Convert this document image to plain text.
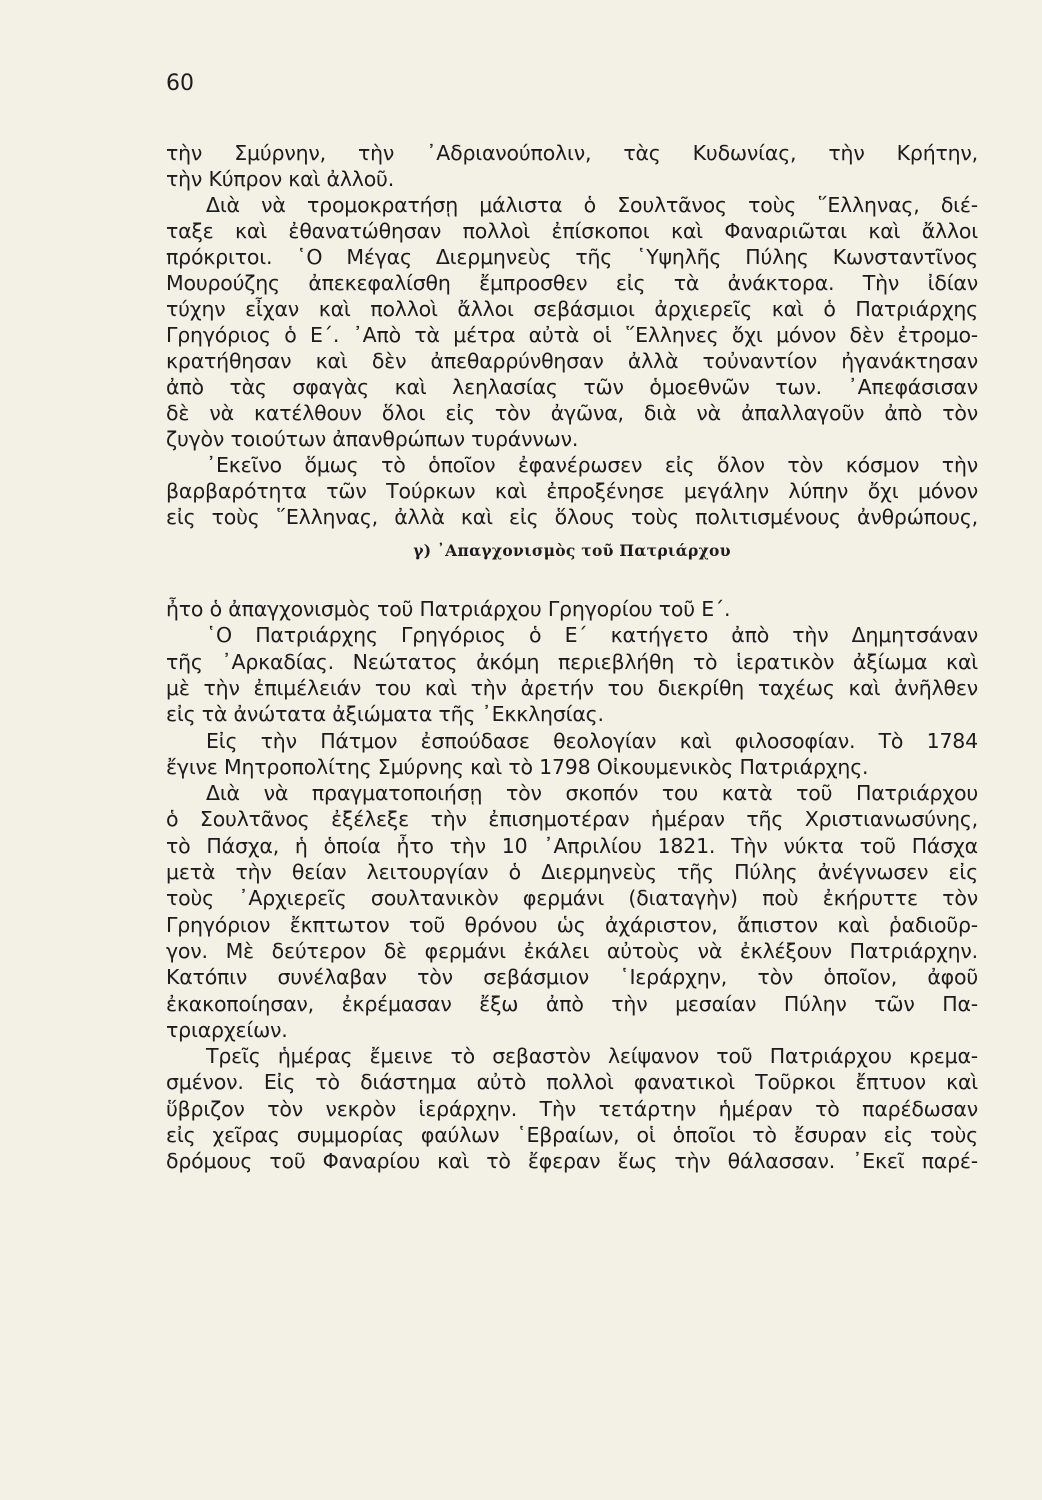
60
τὴν Σμύρνην, τὴν ᾿Αδριανούπολιν, τὰς Κυδωνίας, τὴν Κρήτην,
τὴν Κύπρον καὶ ἀλλοῦ.
Διὰ νὰ τρομοκρατήσῃ μάλιστα ὁ Σουλτᾶνος τοὺς ῞Ελληνας, διέ-
ταξε καὶ ἐθανατώθησαν πολλοὶ ἐπίσκοποι καὶ Φαναριῶται καὶ ἄλλοι
πρόκριτοι. ῾Ο Μέγας Διερμηνεὺς τῆς ῾Υψηλῆς Πύλης Κωνσταντῖνος
Μουρούζης ἀπεκεφαλίσθη ἔμπροσθεν εἰς τὰ ἀνάκτορα. Τὴν ἰδίαν
τύχην εἶχαν καὶ πολλοὶ ἄλλοι σεβάσμιοι ἀρχιερεῖς καὶ ὁ Πατριάρχης
Γρηγόριος ὁ Ε΄. ᾿Απὸ τὰ μέτρα αὐτὰ οἱ ῞Ελληνες ὄχι μόνον δὲν ἐτρομο-
κρατήθησαν καὶ δὲν ἀπεθαρρύνθησαν ἀλλὰ τοὐναντίον ἠγανάκτησαν
ἀπὸ τὰς σφαγὰς καὶ λεηλασίας τῶν ὁμοεθνῶν των. ᾿Απεφάσισαν
δὲ νὰ κατέλθουν ὅλοι εἰς τὸν ἀγῶνα, διὰ νὰ ἀπαλλαγοῦν ἀπὸ τὸν
ζυγὸν τοιούτων ἀπανθρώπων τυράννων.
γ) ᾿Απαγχονισμὸς τοῦ Πατριάρχου
᾿Εκεῖνο ὅμως τὸ ὁποῖον ἐφανέρωσεν εἰς ὅλον τὸν κόσμον τὴν
βαρβαρότητα τῶν Τούρκων καὶ ἐπροξένησε μεγάλην λύπην ὄχι μόνον
εἰς τοὺς ῞Ελληνας, ἀλλὰ καὶ εἰς ὅλους τοὺς πολιτισμένους ἀνθρώπους,
ἦτο ὁ ἀπαγχονισμὸς τοῦ Πατριάρχου Γρηγορίου τοῦ Ε΄.
῾Ο Πατριάρχης Γρηγόριος ὁ Ε΄ κατήγετο ἀπὸ τὴν Δημητσάναν
τῆς ᾿Αρκαδίας. Νεώτατος ἀκόμη περιεβλήθη τὸ ἱερατικὸν ἀξίωμα καὶ
μὲ τὴν ἐπιμέλειάν του καὶ τὴν ἀρετήν του διεκρίθη ταχέως καὶ ἀνῆλθεν
εἰς τὰ ἀνώτατα ἀξιώματα τῆς ᾿Εκκλησίας.
Εἰς τὴν Πάτμον ἐσπούδασε θεολογίαν καὶ φιλοσοφίαν. Τὸ 1784
ἔγινε Μητροπολίτης Σμύρνης καὶ τὸ 1798 Οἰκουμενικὸς Πατριάρχης.
Διὰ νὰ πραγματοποιήσῃ τὸν σκοπόν του κατὰ τοῦ Πατριάρχου
ὁ Σουλτᾶνος ἐξέλεξε τὴν ἐπισημοτέραν ἡμέραν τῆς Χριστιανωσύνης,
τὸ Πάσχα, ἡ ὁποία ἦτο τὴν 10 ᾿Απριλίου 1821. Τὴν νύκτα τοῦ Πάσχα
μετὰ τὴν θείαν λειτουργίαν ὁ Διερμηνεὺς τῆς Πύλης ἀνέγνωσεν εἰς
τοὺς ᾿Αρχιερεῖς σουλτανικὸν φερμάνι (διαταγὴν) ποὺ ἐκήρυττε τὸν
Γρηγόριον ἔκπτωτον τοῦ θρόνου ὡς ἀχάριστον, ἄπιστον καὶ ῥαδιοῦρ-
γον. Μὲ δεύτερον δὲ φερμάνι ἐκάλει αὐτοὺς νὰ ἐκλέξουν Πατριάρχην.
Κατόπιν συνέλαβαν τὸν σεβάσμιον ῾Ιεράρχην, τὸν ὁποῖον, ἀφοῦ
ἐκακοποίησαν, ἐκρέμασαν ἔξω ἀπὸ τὴν μεσαίαν Πύλην τῶν Πα-
τριαρχείων.
Τρεῖς ἡμέρας ἔμεινε τὸ σεβαστὸν λείψανον τοῦ Πατριάρχου κρεμα-
σμένον. Εἰς τὸ διάστημα αὐτὸ πολλοὶ φανατικοὶ Τοῦρκοι ἔπτυον καὶ
ὕβριζον τὸν νεκρὸν ἱεράρχην. Τὴν τετάρτην ἡμέραν τὸ παρέδωσαν
εἰς χεῖρας συμμορίας φαύλων ῾Εβραίων, οἱ ὁποῖοι τὸ ἔσυραν εἰς τοὺς
δρόμους τοῦ Φαναρίου καὶ τὸ ἔφεραν ἕως τὴν θάλασσαν. ᾿Εκεῖ παρέ-
